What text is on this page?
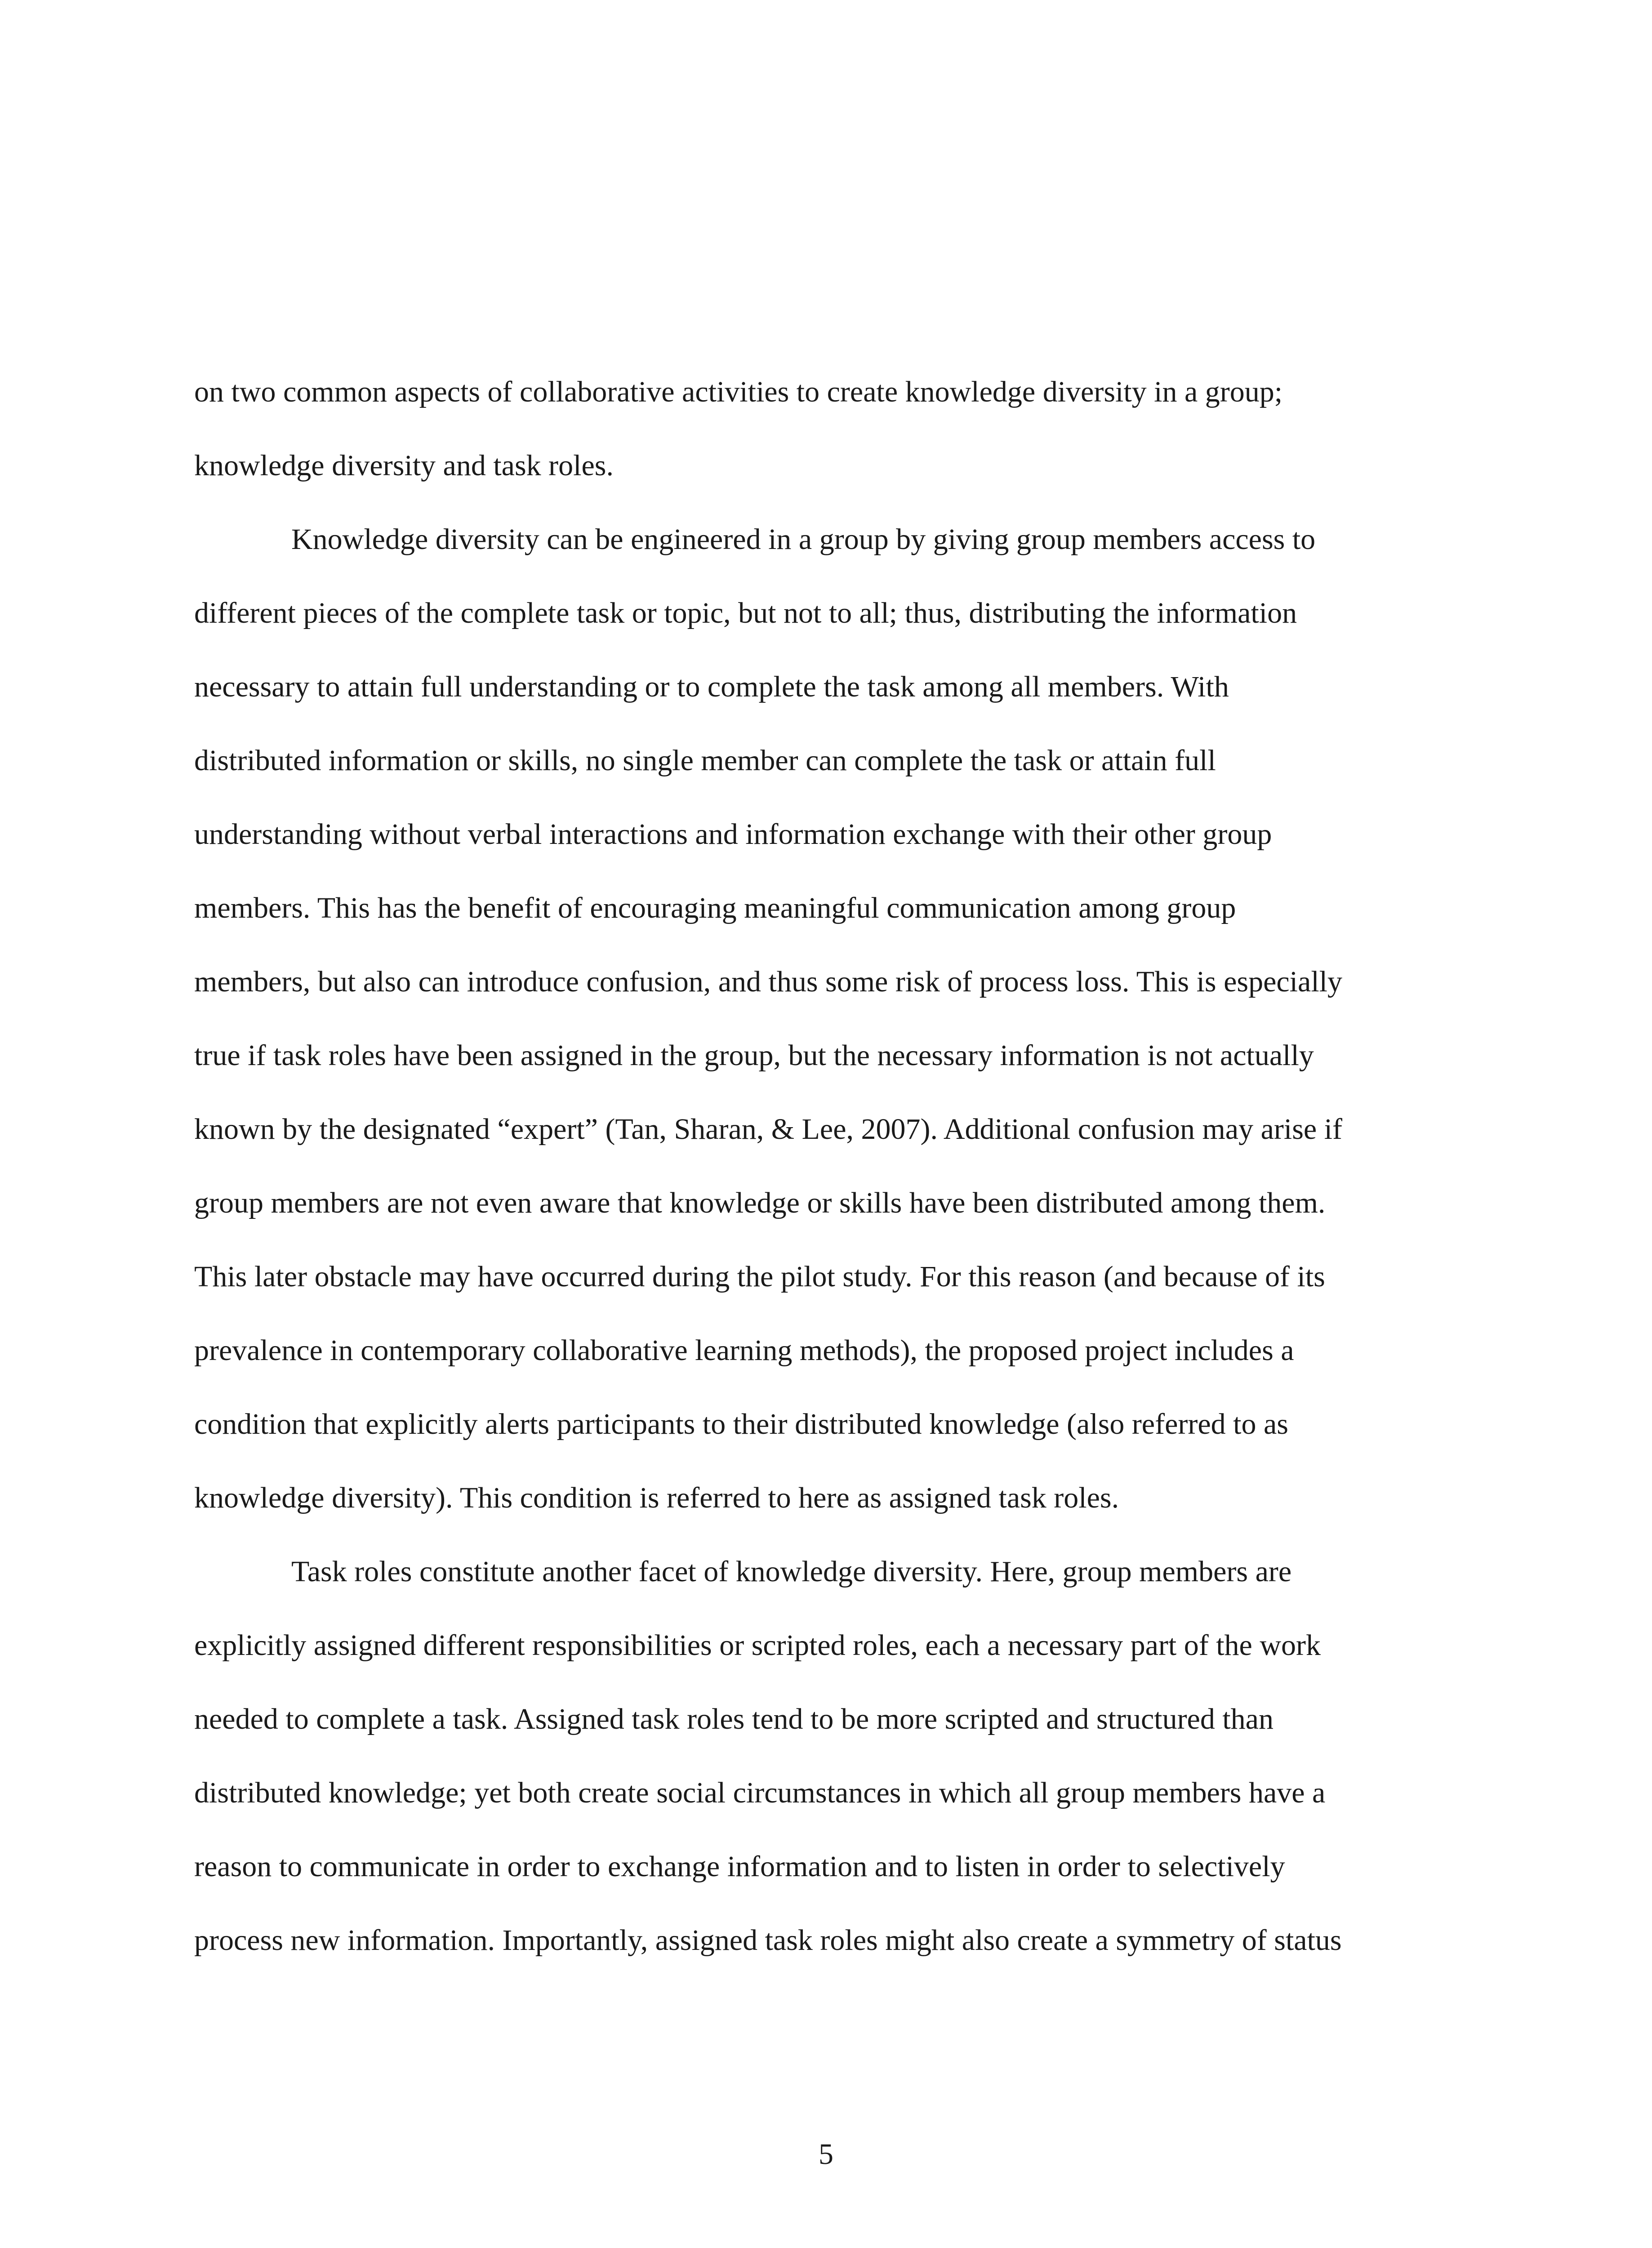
on two common aspects of collaborative activities to create knowledge diversity in a group;
knowledge diversity and task roles.
Knowledge diversity can be engineered in a group by giving group members access to
different pieces of the complete task or topic, but not to all; thus, distributing the information
necessary to attain full understanding or to complete the task among all members. With
distributed information or skills, no single member can complete the task or attain full
understanding without verbal interactions and information exchange with their other group
members. This has the benefit of encouraging meaningful communication among group
members, but also can introduce confusion, and thus some risk of process loss. This is especially
true if task roles have been assigned in the group, but the necessary information is not actually
known by the designated “expert” (Tan, Sharan, & Lee, 2007). Additional confusion may arise if
group members are not even aware that knowledge or skills have been distributed among them.
This later obstacle may have occurred during the pilot study. For this reason (and because of its
prevalence in contemporary collaborative learning methods), the proposed project includes a
condition that explicitly alerts participants to their distributed knowledge (also referred to as
knowledge diversity). This condition is referred to here as assigned task roles.
Task roles constitute another facet of knowledge diversity. Here, group members are
explicitly assigned different responsibilities or scripted roles, each a necessary part of the work
needed to complete a task. Assigned task roles tend to be more scripted and structured than
distributed knowledge; yet both create social circumstances in which all group members have a
reason to communicate in order to exchange information and to listen in order to selectively
process new information. Importantly, assigned task roles might also create a symmetry of status
5
